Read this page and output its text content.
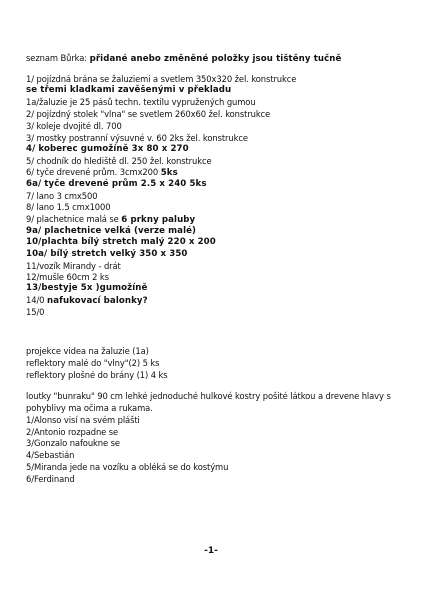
seznam Bůrka: přidané anebo změněné položky jsou tištěny tučně
1/ pojízdná brána se žaluziemi a svetlem 350x320 žel. konstrukce
se třemi kladkami zavěšenými v překladu
1a/žaluzie je 25 pásů techn. textilu vypružených gumou
2/ pojízdný stolek "vlna" se svetlem 260x60 žel. konstrukce
3/ koleje dvojité dl. 700
3/ mostky postranní výsuvné v. 60 2ks žel. konstrukce
4/ koberec gumožíně 3x 80 x 270
5/ chodník do hlediště dl. 250 žel. konstrukce
6/ tyče drevené prům. 3cmx200 5ks
6a/ tyče drevené prům 2.5 x 240 5ks
7/ lano 3 cmx500
8/ lano 1.5 cmx1000
9/ plachetnice malá se 6 prkny paluby
9a/ plachetnice velká (verze malé)
10/plachta bílý stretch malý 220 x 200
10a/ bílý stretch velký 350 x 350
11/vozík Mirandy - drát
12/mušle 60cm 2 ks
13/bestyje 5x )gumožíně
14/0 nafukovací balonky?
15/0
projekce videa na žaluzie (1a)
reflektory malé do "vlny"(2) 5 ks
reflektory plošné do brány (1) 4 ks
loutky "bunraku" 90 cm lehké jednoduché hulkové kostry pošité látkou a drevene hlavy s
pohyblivy ma očima a rukama.
1/Alonso visí na svém plášti
2/Antonio rozpadne se
3/Gonzalo nafoukne se
4/Sebastián
5/Miranda jede na vozíku a obléká se do kostýmu
6/Ferdinand
-1-
